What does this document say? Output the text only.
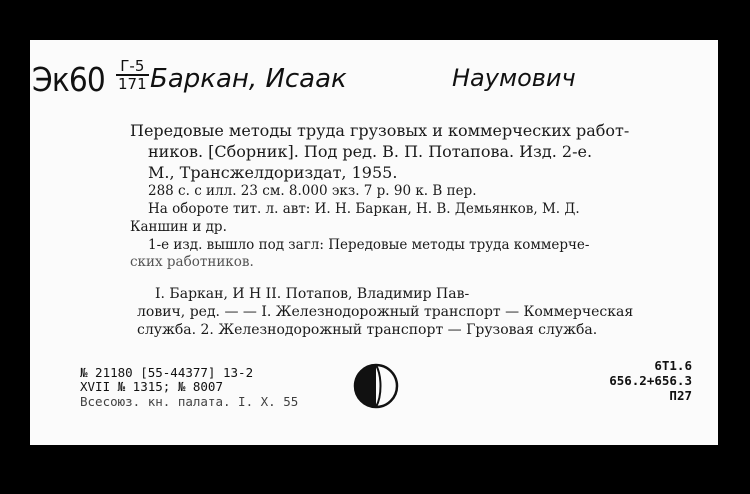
Эк60 Г-5
171 Баркан, Исаак	Наумович
Передовые методы труда грузовых и коммерческих работ-
ников. [Сборник]. Под ред. В. П. Потапова. Изд. 2-е.
М., Трансжелдориздат, 1955.
288 с. с илл. 23 см. 8.000 экз. 7 р. 90 к. В пер.
На обороте тит. л. авт: И. Н. Баркан, Н. В. Демьянков, М. Д.
Каншин и др.
1-е изд. вышло под загл: Передовые методы труда коммерче-
ских работников.
I. Баркан, И Н II. Потапов, Владимир Пав-
лович, ред. — — I. Железнодорожный транспорт — Коммерческая
служба. 2. Железнодорожный транспорт — Грузовая служба.
№ 21180 [55-44377] 13-2
XVII № 1315; № 8007
Всесоюз. кн. палата. I. X. 55
6Т1.6
656.2+656.3
П27
